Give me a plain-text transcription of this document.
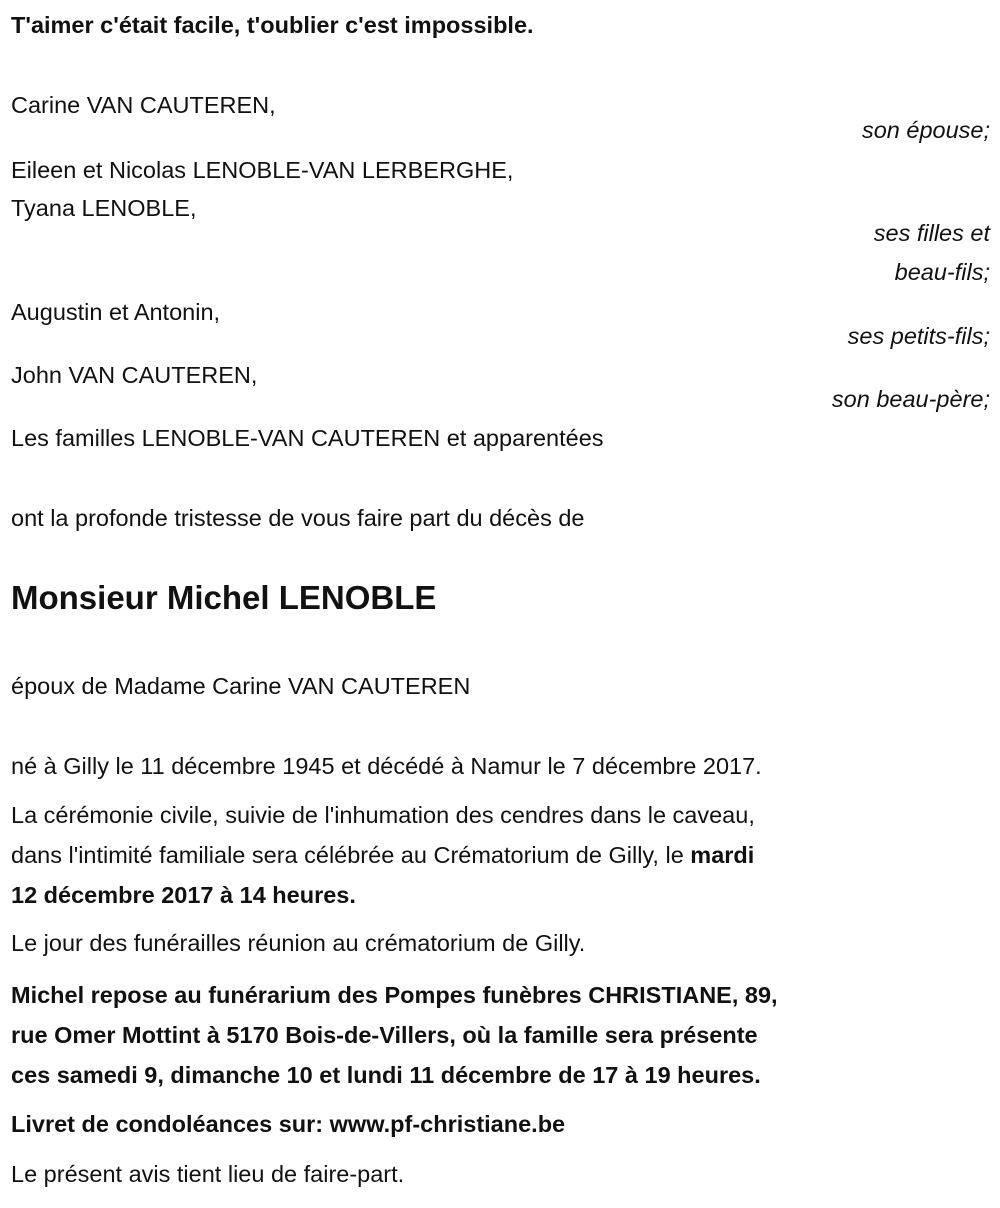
T'aimer c'était facile, t'oublier c'est impossible.
Carine VAN CAUTEREN,
son épouse;
Eileen et Nicolas LENOBLE-VAN LERBERGHE,
Tyana LENOBLE,
ses filles et
beau-fils;
Augustin et Antonin,
ses petits-fils;
John VAN CAUTEREN,
son beau-père;
Les familles LENOBLE-VAN CAUTEREN et apparentées
ont la profonde tristesse de vous faire part du décès de
Monsieur Michel LENOBLE
époux de Madame Carine VAN CAUTEREN
né à Gilly le 11 décembre 1945 et décédé à Namur le 7 décembre 2017.
La cérémonie civile, suivie de l'inhumation des cendres dans le caveau,
dans l'intimité familiale sera célébrée au Crématorium de Gilly, le mardi
12 décembre 2017 à 14 heures.
Le jour des funérailles réunion au crématorium de Gilly.
Michel repose au funérarium des Pompes funèbres CHRISTIANE, 89,
rue Omer Mottint à 5170 Bois-de-Villers, où la famille sera présente
ces samedi 9, dimanche 10 et lundi 11 décembre de 17 à 19 heures.
Livret de condoléances sur: www.pf-christiane.be
Le présent avis tient lieu de faire-part.
